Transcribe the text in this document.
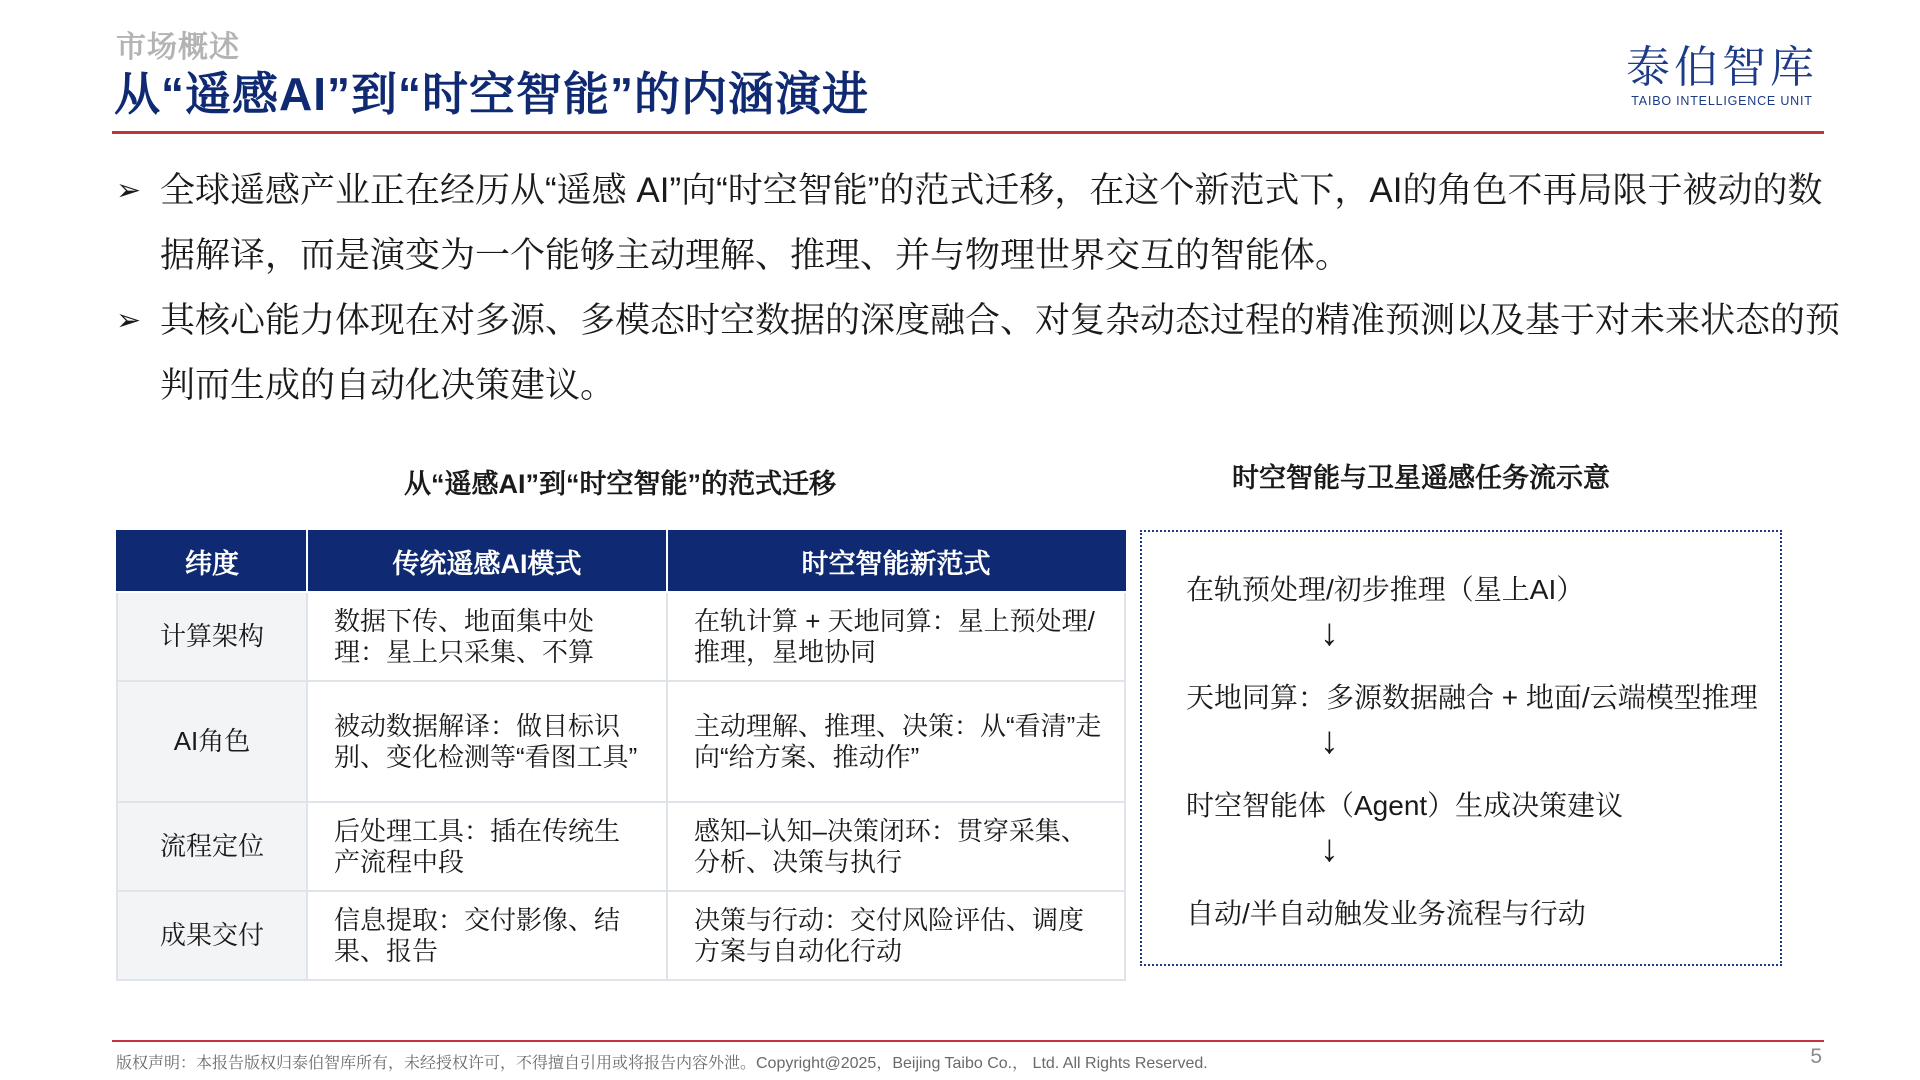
市场概述
从“遥感AI”到“时空智能”的内涵演进
泰伯智库
TAIBO INTELLIGENCE UNIT
➢ 全球遥感产业正在经历从“遥感 AI”向“时空智能”的范式迁移，在这个新范式下，AI的角色不再局限于被动的数据解译，而是演变为一个能够主动理解、推理、并与物理世界交互的智能体。
➢ 其核心能力体现在对多源、多模态时空数据的深度融合、对复杂动态过程的精准预测以及基于对未来状态的预判而生成的自动化决策建议。
从“遥感AI”到“时空智能”的范式迁移
纬度	传统遥感AI模式	时空智能新范式
计算架构	数据下传、地面集中处理：星上只采集、不算	在轨计算 + 天地同算：星上预处理/推理，星地协同
AI角色	被动数据解译：做目标识别、变化检测等“看图工具”	主动理解、推理、决策：从“看清”走向“给方案、推动作”
流程定位	后处理工具：插在传统生产流程中段	感知–认知–决策闭环：贯穿采集、分析、决策与执行
成果交付	信息提取：交付影像、结果、报告	决策与行动：交付风险评估、调度方案与自动化行动
时空智能与卫星遥感任务流示意
在轨预处理/初步推理（星上AI）
↓
天地同算：多源数据融合 + 地面/云端模型推理
↓
时空智能体（Agent）生成决策建议
↓
自动/半自动触发业务流程与行动
版权声明：本报告版权归泰伯智库所有，未经授权许可，不得擅自引用或将报告内容外泄。Copyright@2025，Beijing Taibo Co.， Ltd. All Rights Reserved.	5
